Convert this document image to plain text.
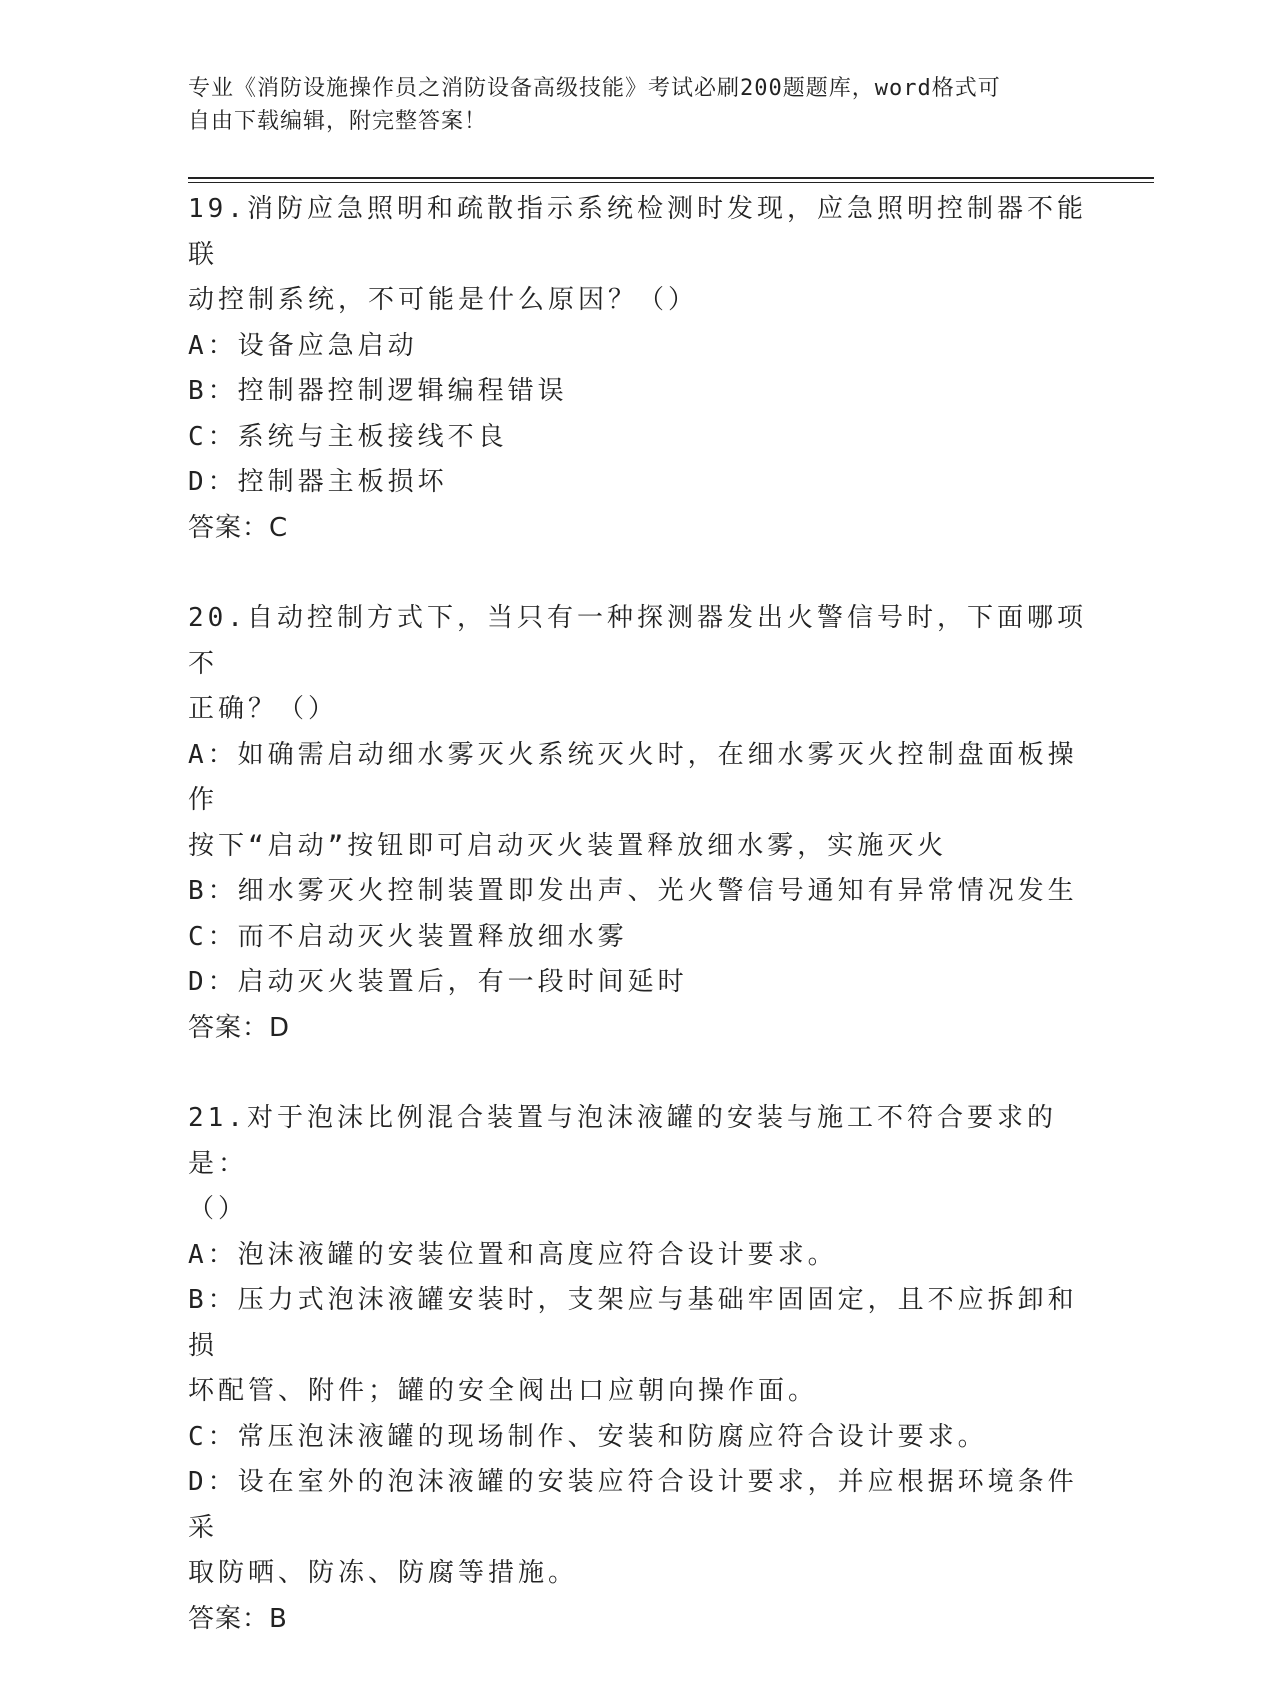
专业《消防设施操作员之消防设备高级技能》考试必刷200题题库，word格式可
自由下载编辑，附完整答案！
19.消防应急照明和疏散指示系统检测时发现，应急照明控制器不能联
动控制系统，不可能是什么原因？（）
A：设备应急启动
B：控制器控制逻辑编程错误
C：系统与主板接线不良
D：控制器主板损坏
答案：C
20.自动控制方式下，当只有一种探测器发出火警信号时，下面哪项不
正确？（）
A：如确需启动细水雾灭火系统灭火时，在细水雾灭火控制盘面板操作
按下“启动”按钮即可启动灭火装置释放细水雾，实施灭火
B：细水雾灭火控制装置即发出声、光火警信号通知有异常情况发生
C：而不启动灭火装置释放细水雾
D：启动灭火装置后，有一段时间延时
答案：D
21.对于泡沫比例混合装置与泡沫液罐的安装与施工不符合要求的是：
（）
A：泡沫液罐的安装位置和高度应符合设计要求。
B：压力式泡沫液罐安装时，支架应与基础牢固固定，且不应拆卸和损
坏配管、附件；罐的安全阀出口应朝向操作面。
C：常压泡沫液罐的现场制作、安装和防腐应符合设计要求。
D：设在室外的泡沫液罐的安装应符合设计要求，并应根据环境条件采
取防晒、防冻、防腐等措施。
答案：B
